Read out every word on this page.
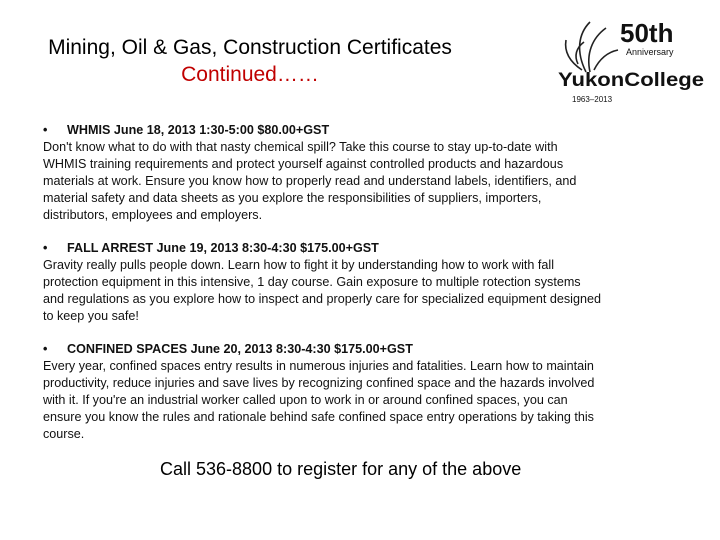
Mining, Oil & Gas, Construction Certificates
Continued……
50th
Anniversary
YukonCollege
1963–2013
• WHMIS June 18, 2013 1:30-5:00 $80.00+GST
Don't know what to do with that nasty chemical spill? Take this course to stay up-to-date with WHMIS training requirements and protect yourself against controlled products and hazardous materials at work. Ensure you know how to properly read and understand labels, identifiers, and material safety and data sheets as you explore the responsibilities of suppliers, importers, distributors, employees and employers.
• FALL ARREST June 19, 2013 8:30-4:30 $175.00+GST
Gravity really pulls people down. Learn how to fight it by understanding how to work with fall protection equipment in this intensive, 1 day course. Gain exposure to multiple rotection systems and regulations as you explore how to inspect and properly care for specialized equipment designed to keep you safe!
• CONFINED SPACES June 20, 2013 8:30-4:30 $175.00+GST
Every year, confined spaces entry results in numerous injuries and fatalities. Learn how to maintain productivity, reduce injuries and save lives by recognizing confined space and the hazards involved with it. If you're an industrial worker called upon to work in or around confined spaces, you can ensure you know the rules and rationale behind safe confined space entry operations by taking this course.
Call 536-8800 to register for any of the above
